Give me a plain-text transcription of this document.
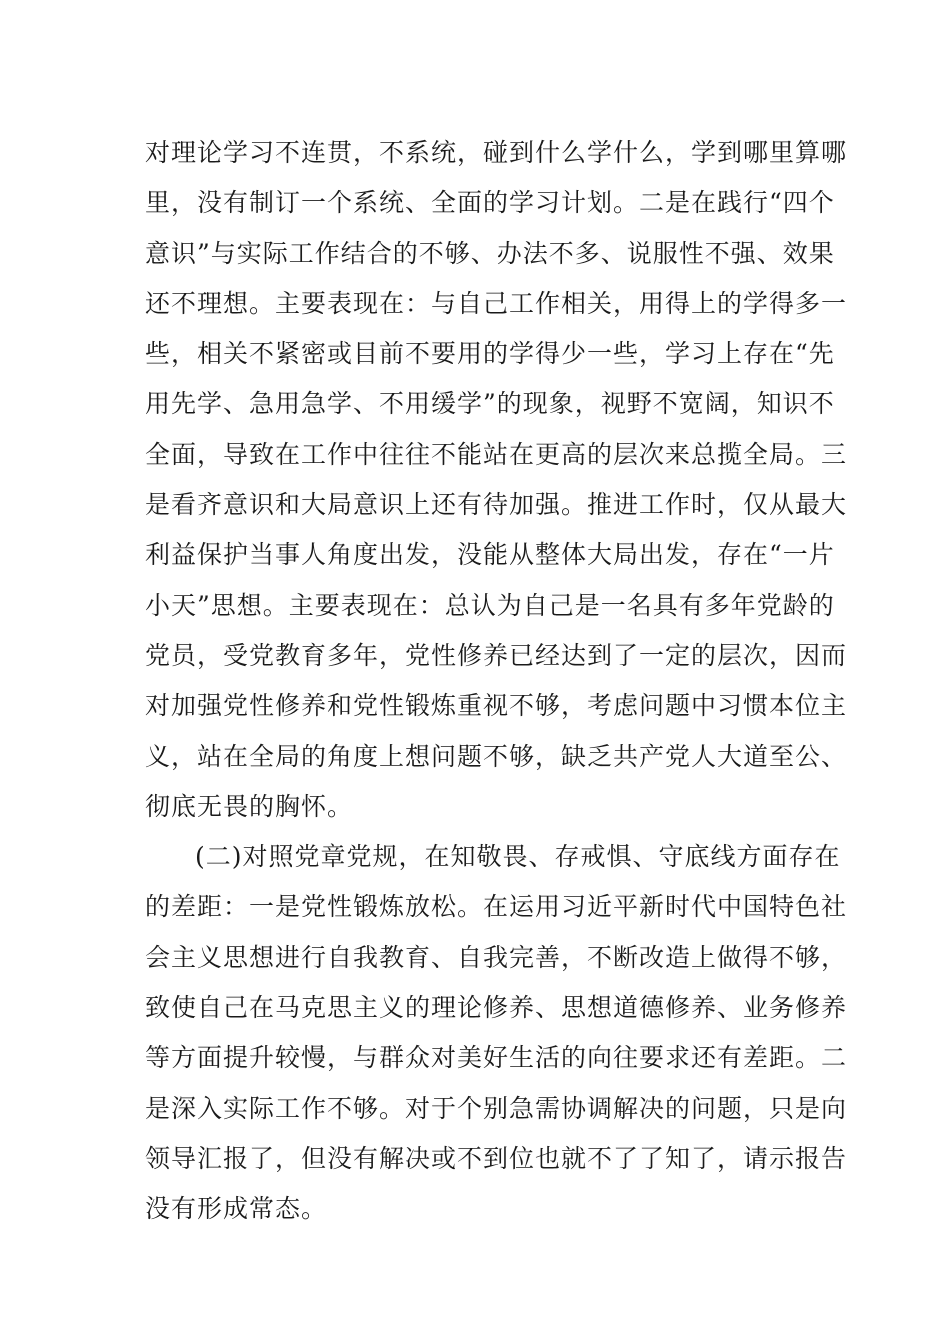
对理论学习不连贯，不系统，碰到什么学什么，学到哪里算哪
里，没有制订一个系统、全面的学习计划。二是在践行“四个
意识”与实际工作结合的不够、办法不多、说服性不强、效果
还不理想。主要表现在：与自己工作相关，用得上的学得多一
些，相关不紧密或目前不要用的学得少一些，学习上存在“先
用先学、急用急学、不用缓学”的现象，视野不宽阔，知识不
全面，导致在工作中往往不能站在更高的层次来总揽全局。三
是看齐意识和大局意识上还有待加强。推进工作时，仅从最大
利益保护当事人角度出发，没能从整体大局出发，存在“一片
小天”思想。主要表现在：总认为自己是一名具有多年党龄的
党员，受党教育多年，党性修养已经达到了一定的层次，因而
对加强党性修养和党性锻炼重视不够，考虑问题中习惯本位主
义，站在全局的角度上想问题不够，缺乏共产党人大道至公、
彻底无畏的胸怀。
(二)对照党章党规，在知敬畏、存戒惧、守底线方面存在
的差距：一是党性锻炼放松。在运用习近平新时代中国特色社
会主义思想进行自我教育、自我完善，不断改造上做得不够，
致使自己在马克思主义的理论修养、思想道德修养、业务修养
等方面提升较慢，与群众对美好生活的向往要求还有差距。二
是深入实际工作不够。对于个别急需协调解决的问题，只是向
领导汇报了，但没有解决或不到位也就不了了知了，请示报告
没有形成常态。
